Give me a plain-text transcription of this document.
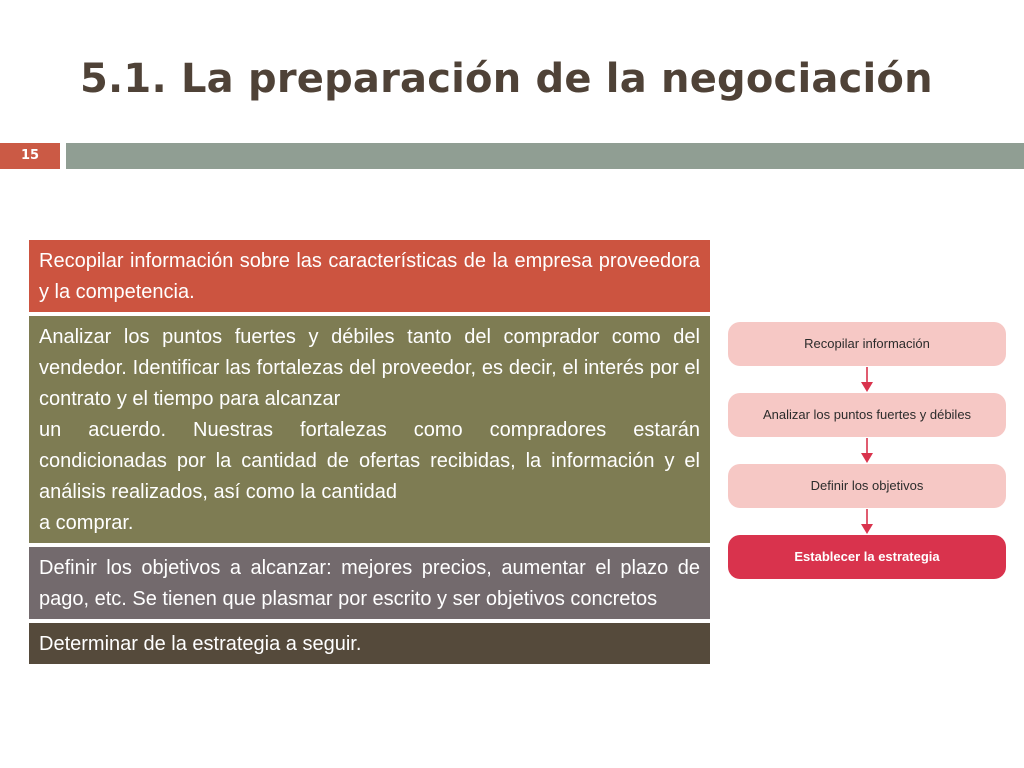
5.1. La preparación de la negociación
15

Recopilar información sobre las características de la empresa proveedora y la competencia.

Analizar los puntos fuertes y débiles tanto del comprador como del vendedor. Identificar las fortalezas del proveedor, es decir, el interés por el contrato y el tiempo para alcanzar

un acuerdo. Nuestras fortalezas como compradores estarán condicionadas por la cantidad de ofertas recibidas, la información y el análisis realizados, así como la cantidad

a comprar.

Definir los objetivos a alcanzar: mejores precios, aumentar el plazo de pago, etc. Se tienen que plasmar por escrito y ser objetivos concretos

Determinar de la estrategia a seguir.

Recopilar información
Analizar los puntos fuertes y débiles
Definir los objetivos
Establecer la estrategia
